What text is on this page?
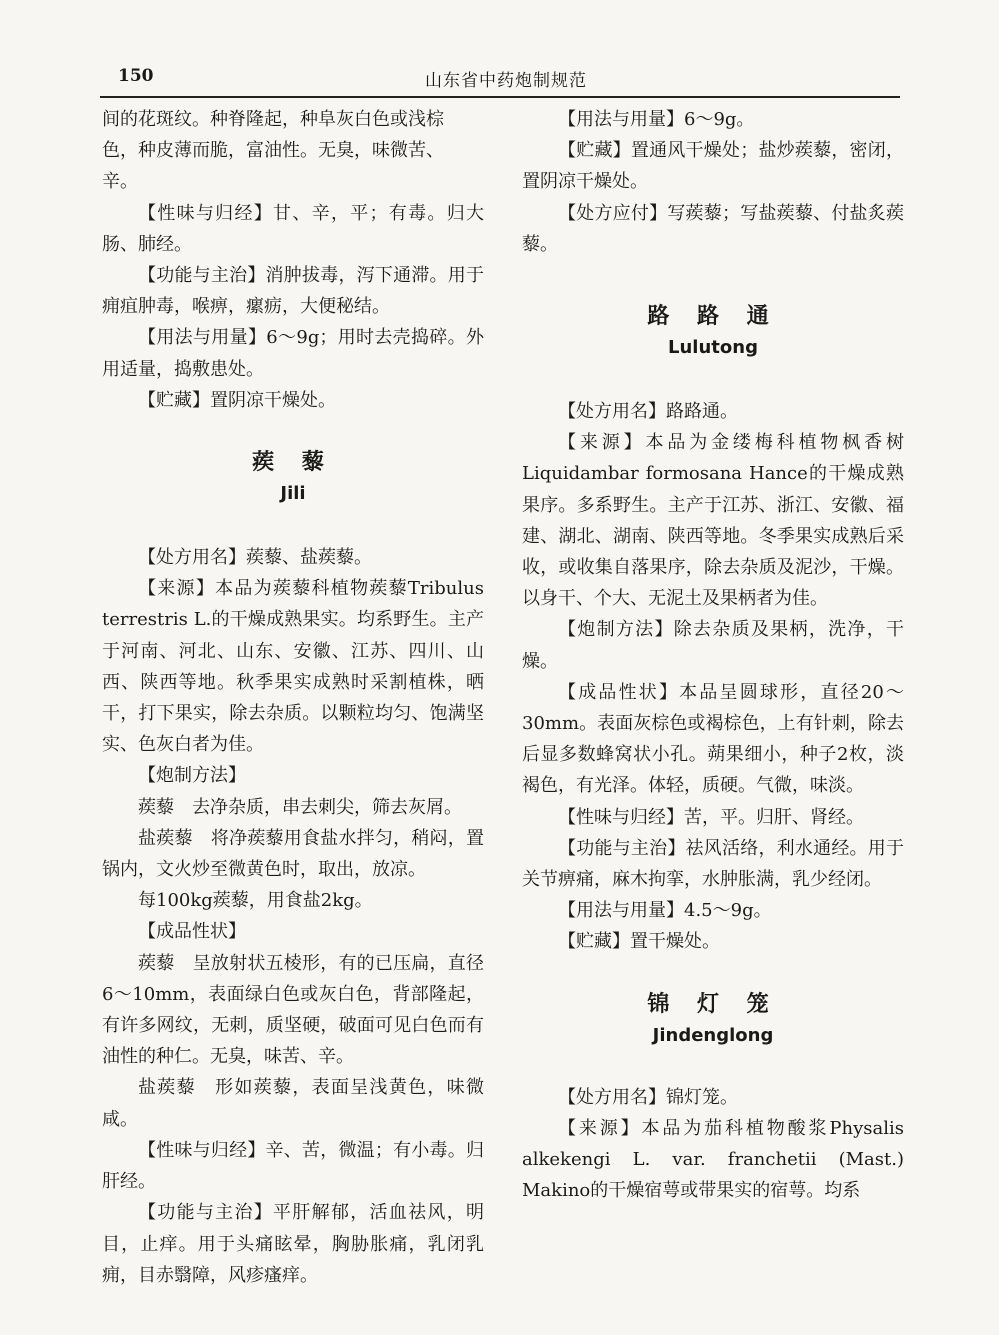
150	山东省中药炮制规范

间的花斑纹。种脊隆起，种阜灰白色或浅棕

色，种皮薄而脆，富油性。无臭，味微苦、

辛。

【性味与归经】甘、辛，平；有毒。归大肠、肺经。

【功能与主治】消肿拔毒，泻下通滞。用于痈疽肿毒，喉痹，瘰疬，大便秘结。

【用法与用量】6～9g；用时去壳捣碎。外用适量，捣敷患处。

【贮藏】置阴凉干燥处。

蒺 藜

Jili

【处方用名】蒺藜、盐蒺藜。

【来源】本品为蒺藜科植物蒺藜Tribulus terrestris L.的干燥成熟果实。均系野生。主产于河南、河北、山东、安徽、江苏、四川、山西、陕西等地。秋季果实成熟时采割植株，晒干，打下果实，除去杂质。以颗粒均匀、饱满坚实、色灰白者为佳。

【炮制方法】

蒺藜　去净杂质，串去刺尖，筛去灰屑。

盐蒺藜　将净蒺藜用食盐水拌匀，稍闷，置锅内，文火炒至微黄色时，取出，放凉。

每100kg蒺藜，用食盐2kg。

【成品性状】

蒺藜　呈放射状五棱形，有的已压扁，直径6～10mm，表面绿白色或灰白色，背部隆起，有许多网纹，无刺，质坚硬，破面可见白色而有油性的种仁。无臭，味苦、辛。

盐蒺藜　形如蒺藜，表面呈浅黄色，味微咸。

【性味与归经】辛、苦，微温；有小毒。归肝经。

【功能与主治】平肝解郁，活血祛风，明目，止痒。用于头痛眩晕，胸胁胀痛，乳闭乳痈，目赤翳障，风疹瘙痒。

【用法与用量】6～9g。

【贮藏】置通风干燥处；盐炒蒺藜，密闭，置阴凉干燥处。

【处方应付】写蒺藜；写盐蒺藜、付盐炙蒺藜。

路 路 通

Lulutong

【处方用名】路路通。

【来源】本品为金缕梅科植物枫香树Liquidambar formosana Hance的干燥成熟果序。多系野生。主产于江苏、浙江、安徽、福建、湖北、湖南、陕西等地。冬季果实成熟后采收，或收集自落果序，除去杂质及泥沙，干燥。以身干、个大、无泥土及果柄者为佳。

【炮制方法】除去杂质及果柄，洗净，干燥。

【成品性状】本品呈圆球形，直径20～30mm。表面灰棕色或褐棕色，上有针刺，除去后显多数蜂窝状小孔。蒴果细小，种子2枚，淡褐色，有光泽。体轻，质硬。气微，味淡。

【性味与归经】苦，平。归肝、肾经。

【功能与主治】祛风活络，利水通经。用于关节痹痛，麻木拘挛，水肿胀满，乳少经闭。

【用法与用量】4.5～9g。

【贮藏】置干燥处。

锦 灯 笼

Jindenglong

【处方用名】锦灯笼。

【来源】本品为茄科植物酸浆Physalis alkekengi L. var. franchetii (Mast.) Makino的干燥宿萼或带果实的宿萼。均系
